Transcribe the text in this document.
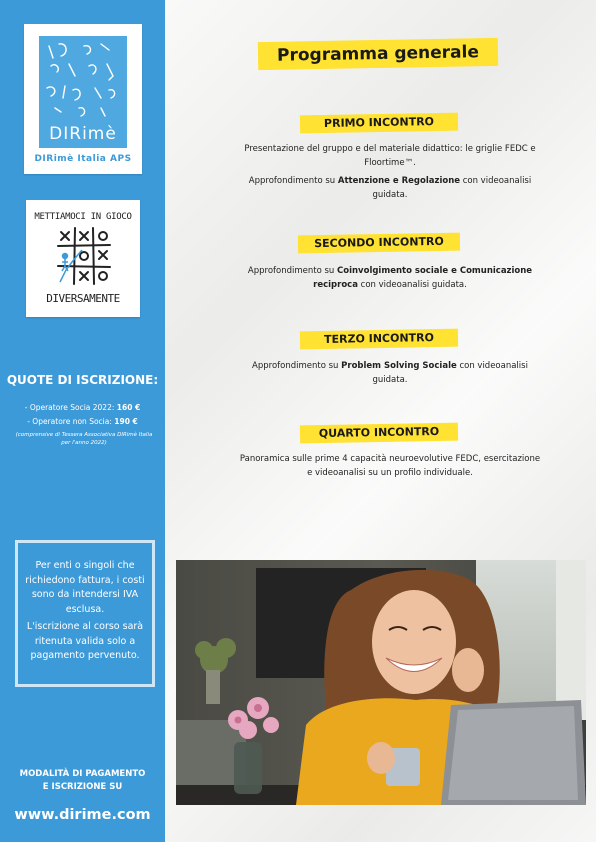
DIRimè
DIRimè Italia APS
METTIAMOCI IN GIOCO
DIVERSAMENTE
QUOTE DI ISCRIZIONE:
- Operatore Socia 2022: 160 €
- Operatore non Socia: 190 €
(comprensive di Tessera Associativa DIRimè Italia per l'anno 2022)
Per enti o singoli che richiedono fattura, i costi sono da intendersi IVA esclusa.
L'iscrizione al corso sarà ritenuta valida solo a pagamento pervenuto.
MODALITÀ DI PAGAMENTO
E ISCRIZIONE SU
www.dirime.com
Programma generale
PRIMO INCONTRO
Presentazione del gruppo e del materiale didattico: le griglie FEDC e
Floortime™.
Approfondimento su Attenzione e Regolazione con videoanalisi
guidata.
SECONDO INCONTRO
Approfondimento su Coinvolgimento sociale e Comunicazione
reciproca con videoanalisi guidata.
TERZO INCONTRO
Approfondimento su Problem Solving Sociale con videoanalisi
guidata.
QUARTO INCONTRO
Panoramica sulle prime 4 capacità neuroevolutive FEDC, esercitazione
e videoanalisi su un profilo individuale.
